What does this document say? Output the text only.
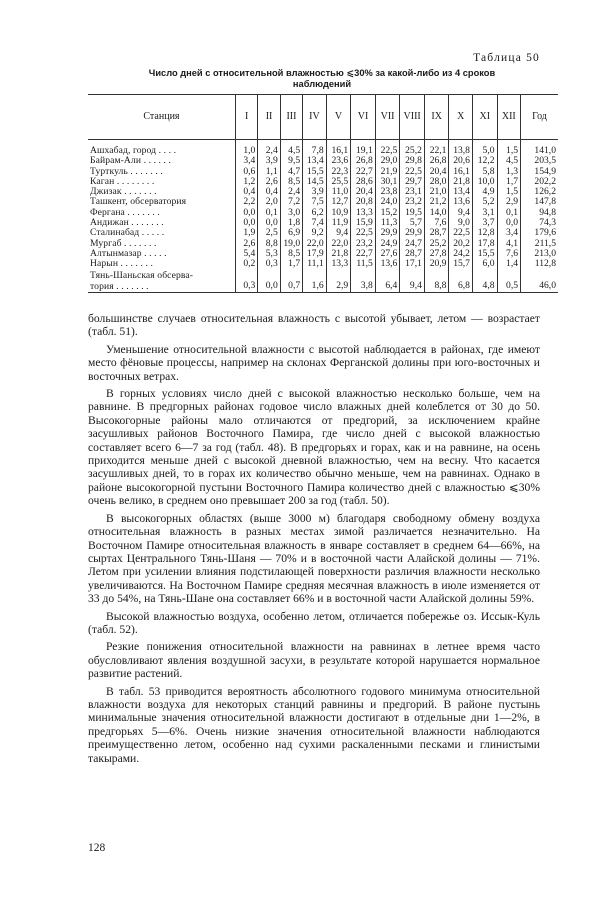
Таблица 50
Число дней с относительной влажностью ⩽30% за какой-либо из 4 сроков
наблюдений
Станция	I	II	III	IV	V	VI	VII	VIII	IX	X	XI	XII	Год
Ашхабад, город . . . .	1,0	2,4	4,5	7,8	16,1	19,1	22,5	25,2	22,1	13,8	5,0	1,5	141,0
Байрам-Али . . . . . .	3,4	3,9	9,5	13,4	23,6	26,8	29,0	29,8	26,8	20,6	12,2	4,5	203,5
Турткуль . . . . . . .	0,6	1,1	4,7	15,5	22,3	22,7	21,9	22,5	20,4	16,1	5,8	1,3	154,9
Каган . . . . . . . .	1,2	2,6	8,5	14,5	25,5	28,6	30,1	29,7	28,0	21,8	10,0	1,7	202,2
Джизак . . . . . . .	0,4	0,4	2,4	3,9	11,0	20,4	23,8	23,1	21,0	13,4	4,9	1,5	126,2
Ташкент, обсерватория	2,2	2,0	7,2	7,5	12,7	20,8	24,0	23,2	21,2	13,6	5,2	2,9	147,8
Фергана . . . . . . .	0,0	0,1	3,0	6,2	10,9	13,3	15,2	19,5	14,0	9,4	3,1	0,1	94,8
Андижан . . . . . . .	0,0	0,0	1,8	7,4	11,9	15,9	11,3	5,7	7,6	9,0	3,7	0,0	74,3
Сталинабад . . . . .	1,9	2,5	6,9	9,2	9,4	22,5	29,9	29,9	28,7	22,5	12,8	3,4	179,6
Мургаб . . . . . . .	2,6	8,8	19,0	22,0	22,0	23,2	24,9	24,7	25,2	20,2	17,8	4,1	211,5
Алтынмазар . . . . .	5,4	5,3	8,5	17,9	21,8	22,7	27,6	28,7	27,8	24,2	15,5	7,6	213,0
Нарын . . . . . . .	0,2	0,3	1,7	11,1	13,3	11,5	13,6	17,1	20,9	15,7	6,0	1,4	112,8
Тянь-Шаньская обсерва-
тория . . . . . . .	0,3	0,0	0,7	1,6	2,9	3,8	6,4	9,4	8,8	6,8	4,8	0,5	46,0

большинстве случаев относительная влажность с высотой убывает, летом — возрастает (табл. 51).

Уменьшение относительной влажности с высотой наблюдается в районах, где имеют место фёновые процессы, например на склонах Ферганской долины при юго-восточных и восточных ветрах.

В горных условиях число дней с высокой влажностью несколько больше, чем на равнине. В предгорных районах годовое число влажных дней колеблется от 30 до 50. Высокогорные районы мало отличаются от предгорий, за исключением крайне засушливых районов Восточного Памира, где число дней с высокой влажностью составляет всего 6—7 за год (табл. 48). В предгорьях и горах, как и на равнине, на осень приходится меньше дней с высокой дневной влажностью, чем на весну. Что касается засушливых дней, то в горах их количество обычно меньше, чем на равнинах. Однако в районе высокогорной пустыни Восточного Памира количество дней с влажностью ⩽30% очень велико, в среднем оно превышает 200 за год (табл. 50).

В высокогорных областях (выше 3000 м) благодаря свободному обмену воздуха относительная влажность в разных местах зимой различается незначительно. На Восточном Памире относительная влажность в январе составляет в среднем 64—66%, на сыртах Центрального Тянь-Шаня — 70% и в восточной части Алайской долины — 71%. Летом при усилении влияния подстилающей поверхности различия влажности несколько увеличиваются. На Восточном Памире средняя месячная влажность в июле изменяется от 33 до 54%, на Тянь-Шане она составляет 66% и в восточной части Алайской долины 59%.

Высокой влажностью воздуха, особенно летом, отличается побережье оз. Иссык-Куль (табл. 52).

Резкие понижения относительной влажности на равнинах в летнее время часто обусловливают явления воздушной засухи, в результате которой нарушается нормальное развитие растений.

В табл. 53 приводится вероятность абсолютного годового минимума относительной влажности воздуха для некоторых станций равнины и предгорий. В районе пустынь минимальные значения относительной влажности достигают в отдельные дни 1—2%, в предгорьях 5—6%. Очень низкие значения относительной влажности наблюдаются преимущественно летом, особенно над сухими раскаленными песками и глинистыми такырами.

128
